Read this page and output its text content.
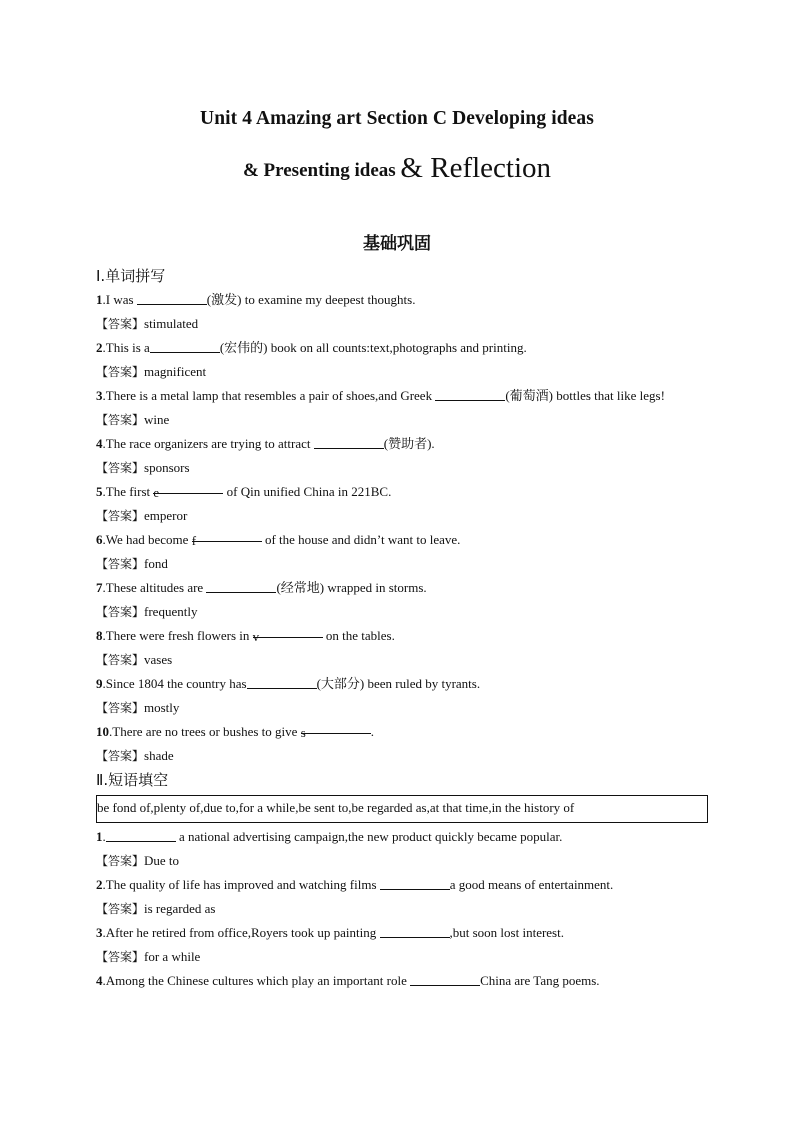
Unit 4 Amazing art Section C Developing ideas
& Presenting ideas & Reflection
基础巩固
Ⅰ.单词拼写
1.I was	(激发) to examine my deepest thoughts.
【答案】stimulated
2.This is a	(宏伟的) book on all counts:text,photographs and printing.
【答案】magnificent
3.There is a metal lamp that resembles a pair of shoes,and Greek	(葡萄酒) bottles that like legs!
【答案】wine
4.The race organizers are trying to attract	(赞助者).
【答案】sponsors
5.The first e	of Qin unified China in 221BC.
【答案】emperor
6.We had become f	of the house and didn’t want to leave.
【答案】fond
7.These altitudes are	(经常地) wrapped in storms.
【答案】frequently
8.There were fresh flowers in v	on the tables.
【答案】vases
9.Since 1804 the country has	(大部分) been ruled by tyrants.
【答案】mostly
10.There are no trees or bushes to give s	.
【答案】shade
Ⅱ.短语填空
be fond of,plenty of,due to,for a while,be sent to,be regarded as,at that time,in the history of
1.	a national advertising campaign,the new product quickly became popular.
【答案】Due to
2.The quality of life has improved and watching films	a good means of entertainment.
【答案】is regarded as
3.After he retired from office,Royers took up painting	,but soon lost interest.
【答案】for a while
4.Among the Chinese cultures which play an important role	China are Tang poems.
